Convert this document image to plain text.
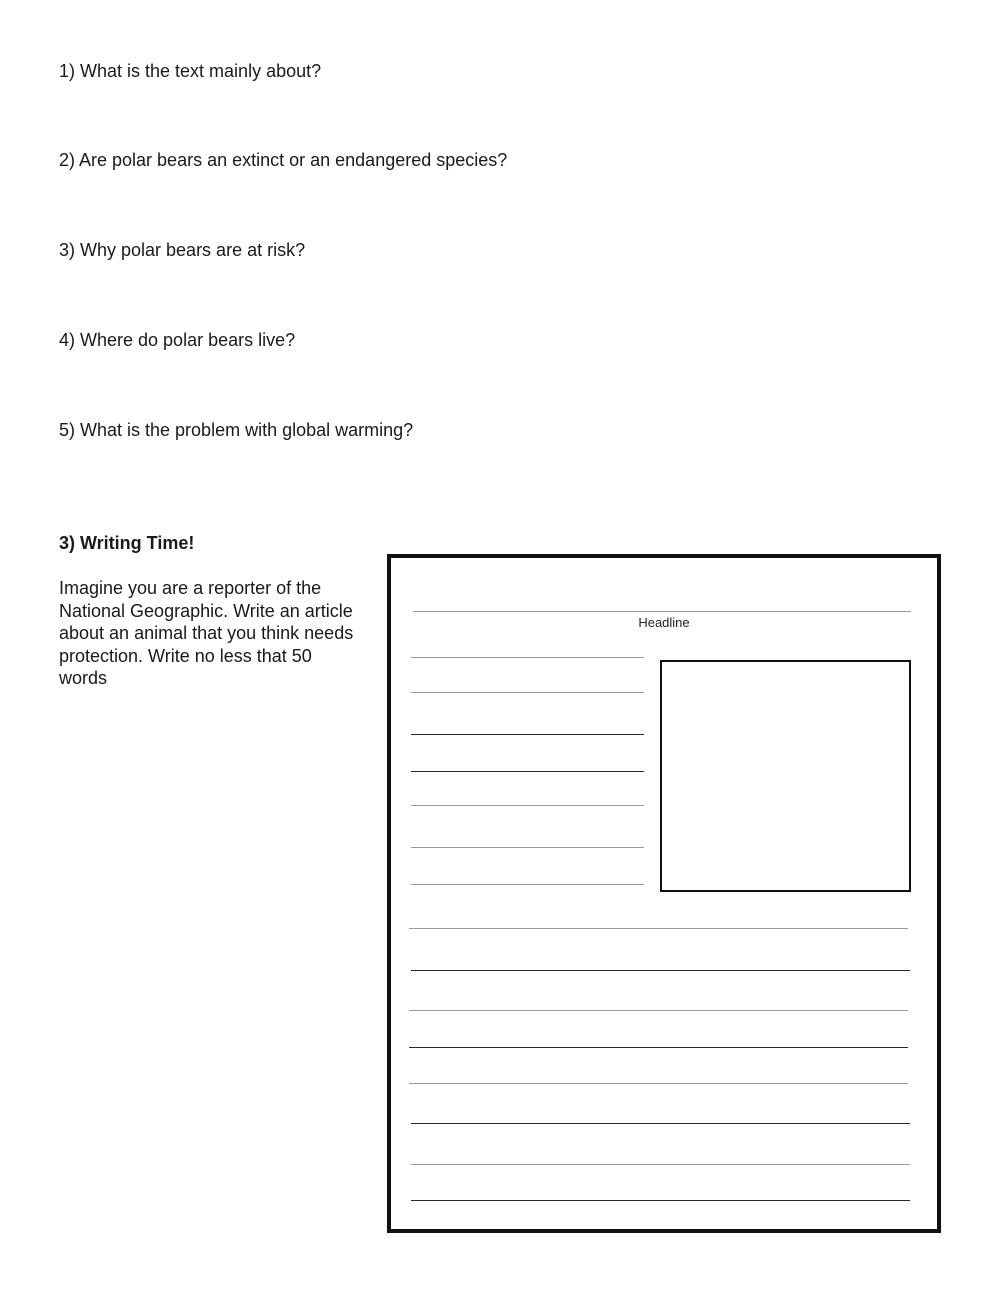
1) What is the text mainly about?
2) Are polar bears an extinct or an endangered species?
3) Why polar bears are at risk?
4) Where do polar bears live?
5) What is the problem with global warming?
3) Writing Time!
Imagine you are a reporter of the National Geographic. Write an article about an animal that you think needs protection. Write no less that 50 words
Headline
